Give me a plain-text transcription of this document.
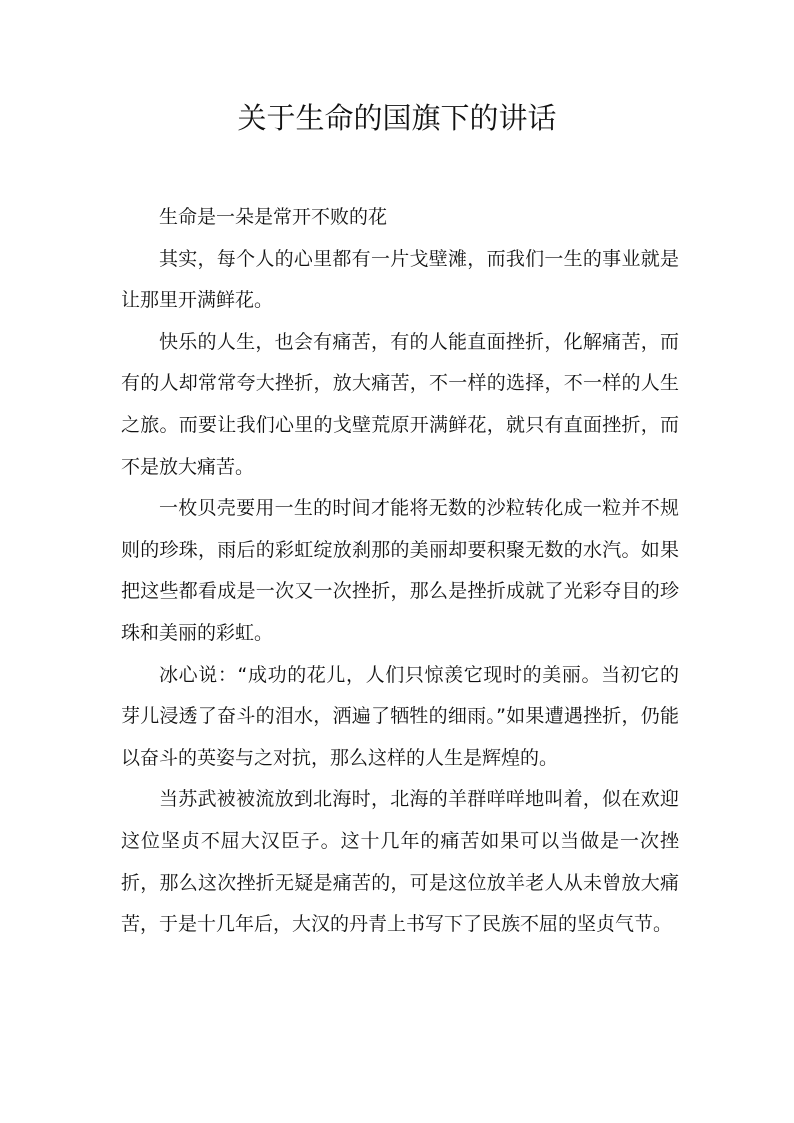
关于生命的国旗下的讲话

生命是一朵是常开不败的花

其实，每个人的心里都有一片戈壁滩，而我们一生的事业就是让那里开满鲜花。

快乐的人生，也会有痛苦，有的人能直面挫折，化解痛苦，而有的人却常常夸大挫折，放大痛苦，不一样的选择，不一样的人生之旅。而要让我们心里的戈壁荒原开满鲜花，就只有直面挫折，而不是放大痛苦。

一枚贝壳要用一生的时间才能将无数的沙粒转化成一粒并不规则的珍珠，雨后的彩虹绽放刹那的美丽却要积聚无数的水汽。如果把这些都看成是一次又一次挫折，那么是挫折成就了光彩夺目的珍珠和美丽的彩虹。

冰心说：“成功的花儿，人们只惊羡它现时的美丽。当初它的芽儿浸透了奋斗的泪水，洒遍了牺牲的细雨。”如果遭遇挫折，仍能以奋斗的英姿与之对抗，那么这样的人生是辉煌的。

当苏武被被流放到北海时，北海的羊群咩咩地叫着，似在欢迎这位坚贞不屈大汉臣子。这十几年的痛苦如果可以当做是一次挫折，那么这次挫折无疑是痛苦的，可是这位放羊老人从未曾放大痛苦，于是十几年后，大汉的丹青上书写下了民族不屈的坚贞气节。
